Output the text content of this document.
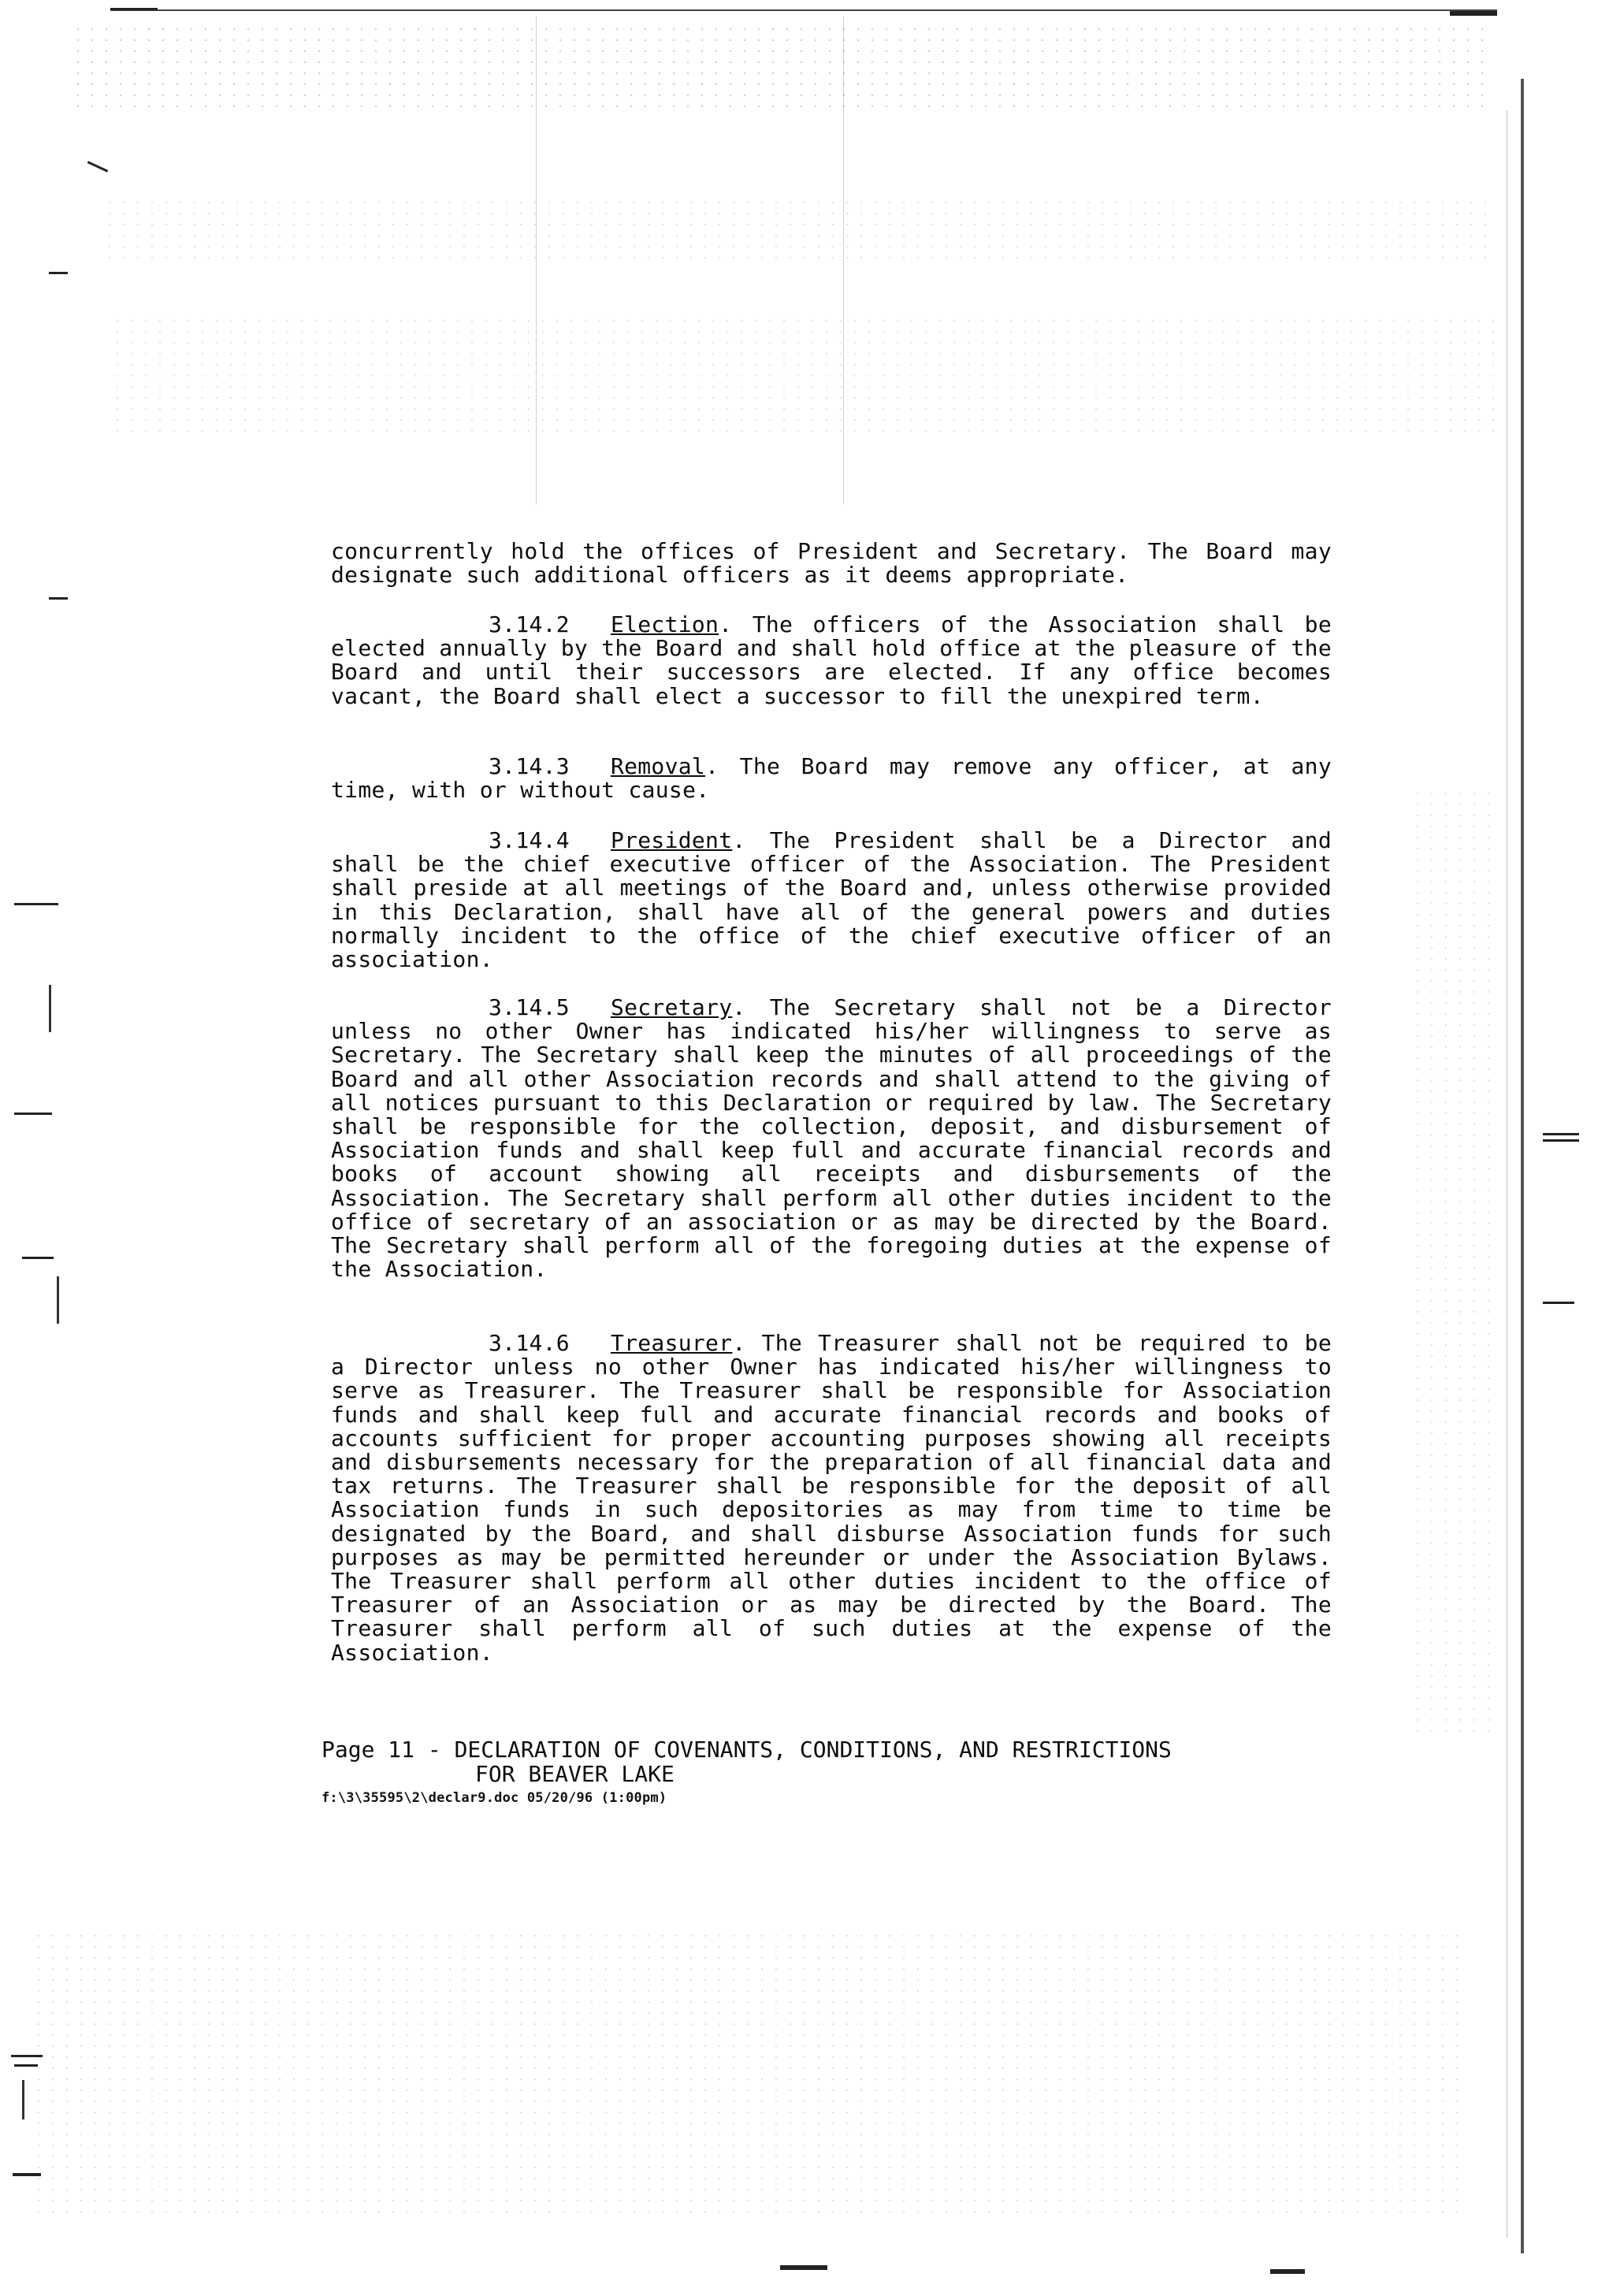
concurrently hold the offices of President and Secretary. The Board may designate such additional officers as it deems appropriate.

3.14.2 Election. The officers of the Association shall be elected annually by the Board and shall hold office at the pleasure of the Board and until their successors are elected. If any office becomes vacant, the Board shall elect a successor to fill the unexpired term.

3.14.3 Removal. The Board may remove any officer, at any time, with or without cause.

3.14.4 President. The President shall be a Director and shall be the chief executive officer of the Association. The President shall preside at all meetings of the Board and, unless otherwise provided in this Declaration, shall have all of the general powers and duties normally incident to the office of the chief executive officer of an association.

3.14.5 Secretary. The Secretary shall not be a Director unless no other Owner has indicated his/her willingness to serve as Secretary. The Secretary shall keep the minutes of all proceedings of the Board and all other Association records and shall attend to the giving of all notices pursuant to this Declaration or required by law. The Secretary shall be responsible for the collection, deposit, and disbursement of Association funds and shall keep full and accurate financial records and books of account showing all receipts and disbursements of the Association. The Secretary shall perform all other duties incident to the office of secretary of an association or as may be directed by the Board. The Secretary shall perform all of the foregoing duties at the expense of the Association.

3.14.6 Treasurer. The Treasurer shall not be required to be a Director unless no other Owner has indicated his/her willingness to serve as Treasurer. The Treasurer shall be responsible for Association funds and shall keep full and accurate financial records and books of accounts sufficient for proper accounting purposes showing all receipts and disbursements necessary for the preparation of all financial data and tax returns. The Treasurer shall be responsible for the deposit of all Association funds in such depositories as may from time to time be designated by the Board, and shall disburse Association funds for such purposes as may be permitted hereunder or under the Association Bylaws. The Treasurer shall perform all other duties incident to the office of Treasurer of an Association or as may be directed by the Board. The Treasurer shall perform all of such duties at the expense of the Association.

Page 11 - DECLARATION OF COVENANTS, CONDITIONS, AND RESTRICTIONS
FOR BEAVER LAKE
f:\3\35595\2\declar9.doc 05/20/96 (1:00pm)
